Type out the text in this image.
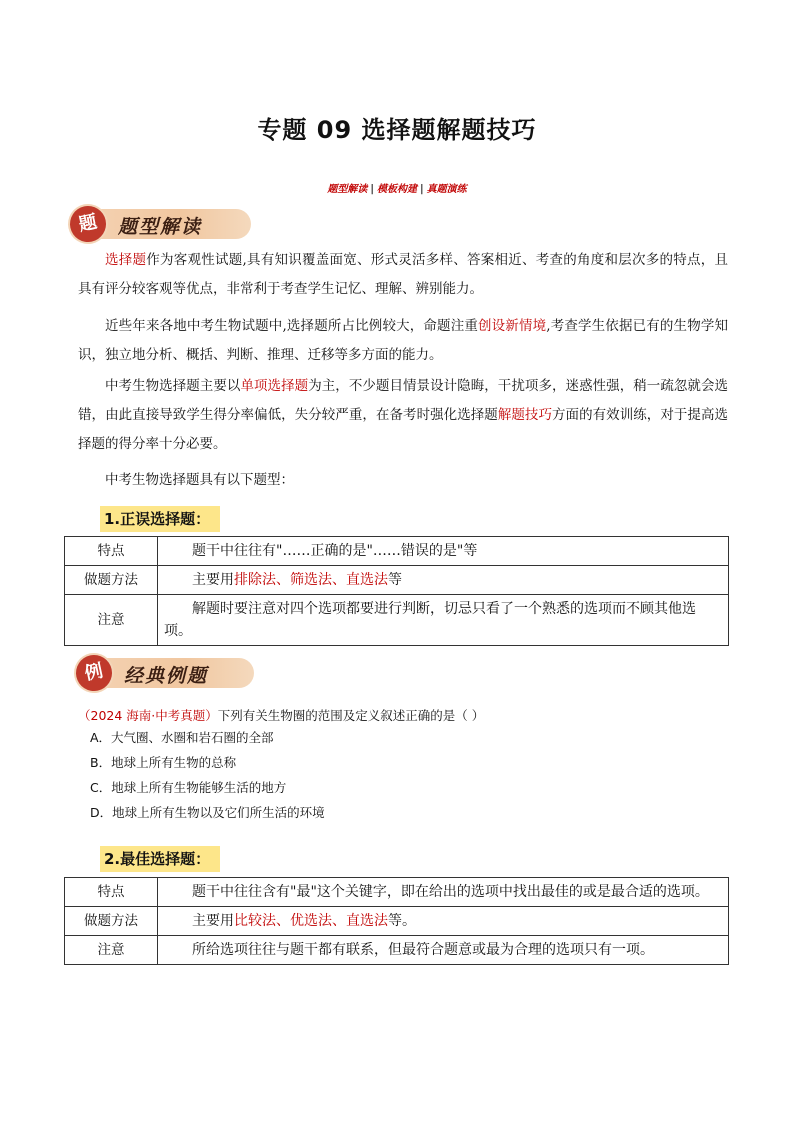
专题 09 选择题解题技巧
题型解读 | 模板构建 | 真题演练
题	题型解读
选择题作为客观性试题,具有知识覆盖面宽、形式灵活多样、答案相近、考查的角度和层次多的特点，且具有评分较客观等优点，非常利于考查学生记忆、理解、辨别能力。
近些年来各地中考生物试题中,选择题所占比例较大，命题注重创设新情境,考查学生依据已有的生物学知识，独立地分析、概括、判断、推理、迁移等多方面的能力。
中考生物选择题主要以单项选择题为主，不少题目情景设计隐晦，干扰项多，迷惑性强，稍一疏忽就会选错，由此直接导致学生得分率偏低，失分较严重，在备考时强化选择题解题技巧方面的有效训练，对于提高选择题的得分率十分必要。
中考生物选择题具有以下题型：
1.正误选择题：
特点	题干中往往有"……正确的是"……错误的是"等
做题方法	主要用排除法、筛选法、直选法等
注意	解题时要注意对四个选项都要进行判断，切忌只看了一个熟悉的选项而不顾其他选项。
例	经典例题
（2024 海南·中考真题）下列有关生物圈的范围及定义叙述正确的是（ ）
A．大气圈、水圈和岩石圈的全部
B．地球上所有生物的总称
C．地球上所有生物能够生活的地方
D．地球上所有生物以及它们所生活的环境
2.最佳选择题：
特点	题干中往往含有"最"这个关键字，即在给出的选项中找出最佳的或是最合适的选项。
做题方法	主要用比较法、优选法、直选法等。
注意	所给选项往往与题干都有联系，但最符合题意或最为合理的选项只有一项。
